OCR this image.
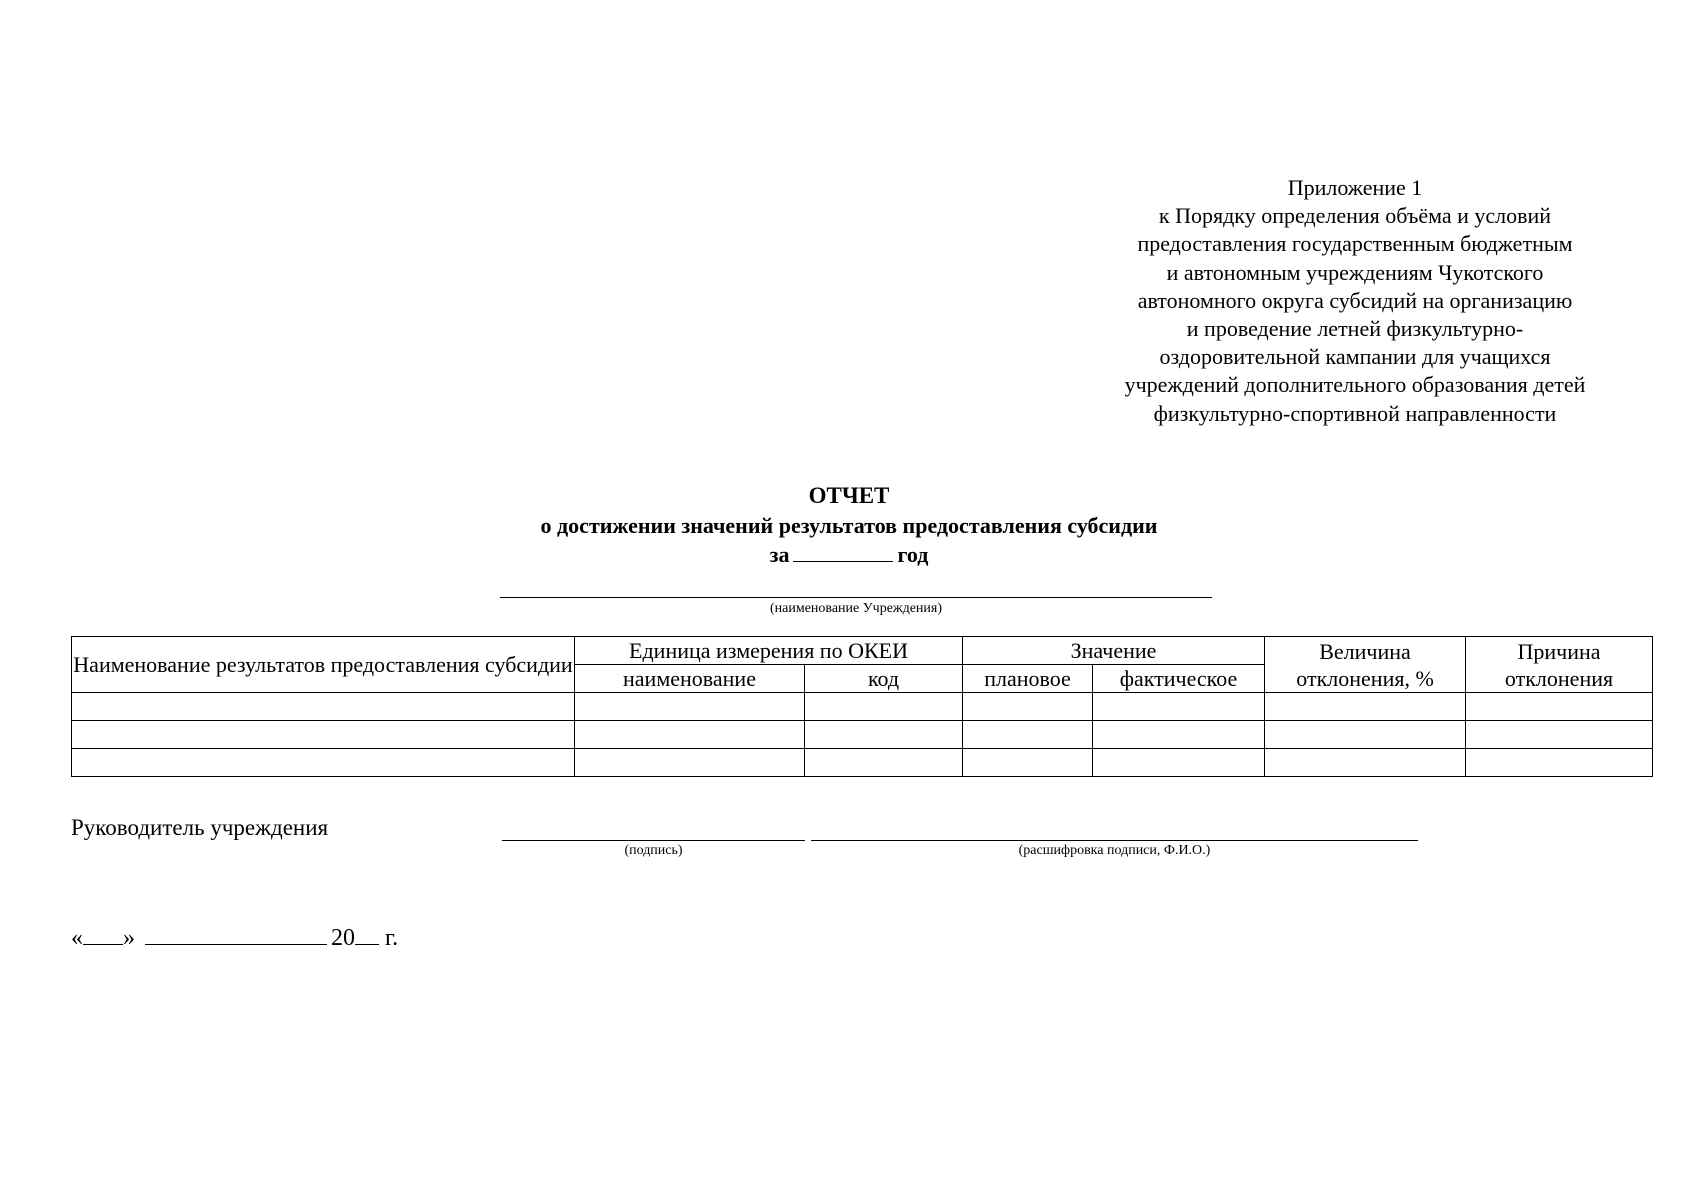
Приложение 1
к Порядку определения объёма и условий
предоставления государственным бюджетным
и автономным учреждениям Чукотского
автономного округа субсидий на организацию
и проведение летней физкультурно-
оздоровительной кампании для учащихся
учреждений дополнительного образования детей
физкультурно-спортивной направленности
ОТЧЕТ
о достижении значений результатов предоставления субсидии
за	год
(наименование Учреждения)
Наименование результатов предоставления субсидии	Единица измерения по ОКЕИ		Значение		Величина отклонения, %	Причина отклонения
	наименование	код	плановое	фактическое		

Руководитель учреждения
(подпись)	(расшифровка подписи, Ф.И.О.)
« »	20 г.
